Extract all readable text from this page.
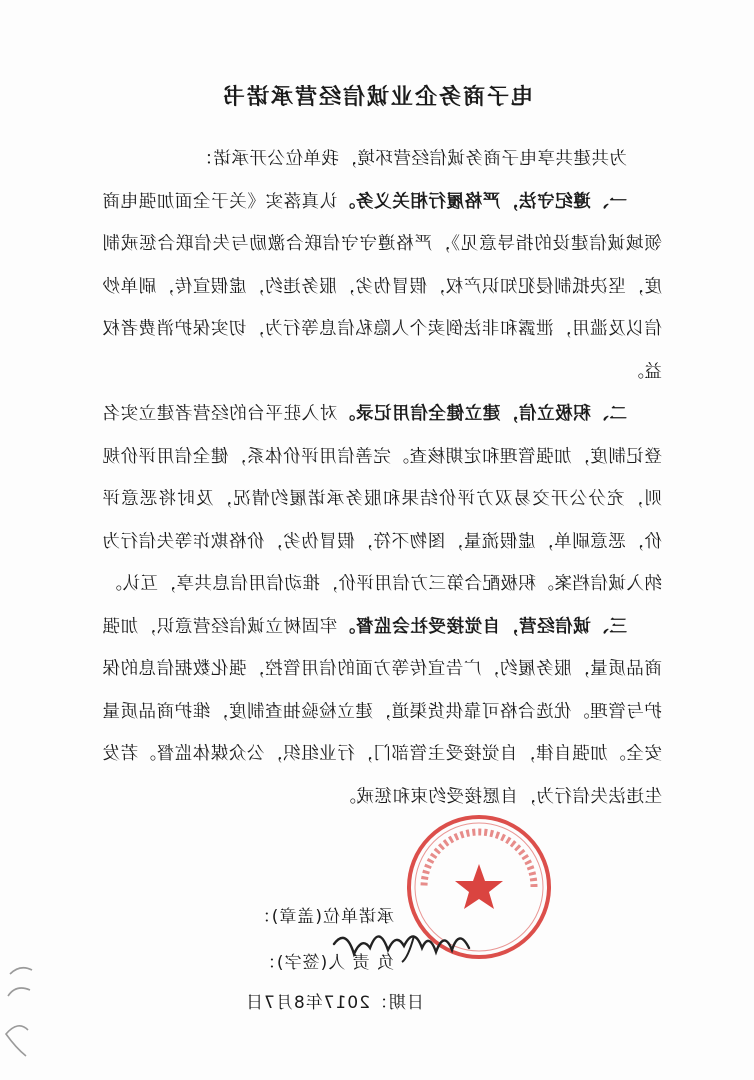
电子商务企业诚信经营承诺书

为共建共享电子商务诚信经营环境，我单位公开承诺：

一、遵纪守法，严格履行相关义务。认真落实《关于全面加强电商领域诚信建设的指导意见》，严格遵守守信联合激励与失信联合惩戒制度，坚决抵制侵犯知识产权，假冒伪劣，服务违约，虚假宣传，刷单炒信以及滥用，泄露和非法倒卖个人隐私信息等行为，切实保护消费者权益。

二、积极立信，建立健全信用记录。对入驻平台的经营者建立实名登记制度，加强管理和定期核查。完善信用评价体系，健全信用评价规则，充分公开交易双方评价结果和服务承诺履约情况，及时将恶意评价，恶意刷单，虚假流量，图物不符，假冒伪劣，价格欺诈等失信行为纳入诚信档案。积极配合第三方信用评价，推动信用信息共享，互认。

三、诚信经营，自觉接受社会监督。牢固树立诚信经营意识，加强商品质量，服务履约，广告宣传等方面的信用管控，强化数据信息的保护与管理。优选合格可靠供货渠道，建立检验抽查制度，维护商品质量安全。加强自律，自觉接受主管部门，行业组织，公众媒体监督。若发生违法失信行为，自愿接受约束和惩戒。

承诺单位(盖章)：
负 责 人(签字)：
日期：2017年8月7日
